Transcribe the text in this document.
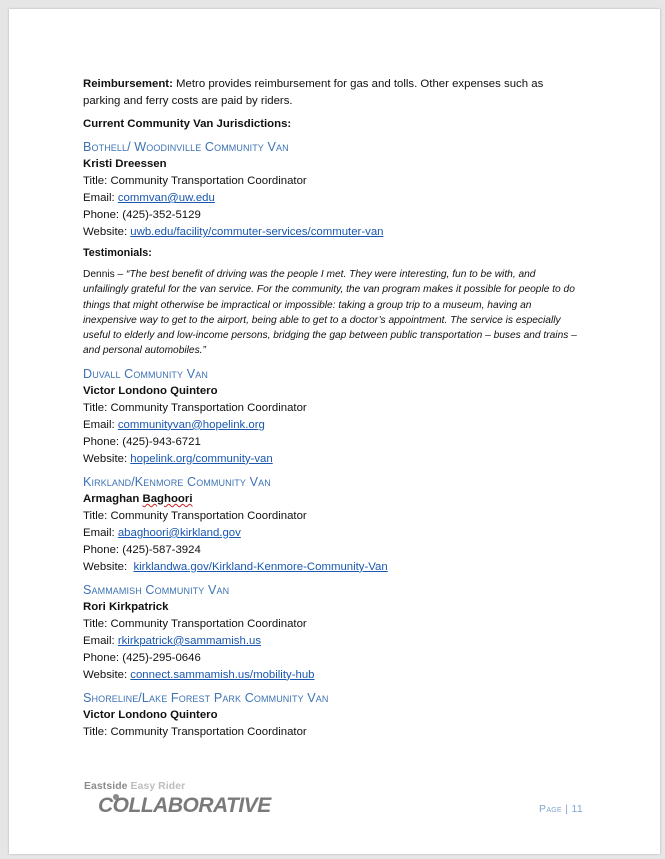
Reimbursement: Metro provides reimbursement for gas and tolls. Other expenses such as parking and ferry costs are paid by riders.

Current Community Van Jurisdictions:

Bothell/ Woodinville Community Van

Kristi Dreessen

Title: Community Transportation Coordinator

Email: commvan@uw.edu

Phone: (425)-352-5129

Website: uwb.edu/facility/commuter-services/commuter-van

Testimonials:

Dennis – “The best benefit of driving was the people I met. They were interesting, fun to be with, and unfailingly grateful for the van service. For the community, the van program makes it possible for people to do things that might otherwise be impractical or impossible: taking a group trip to a museum, having an inexpensive way to get to the airport, being able to get to a doctor’s appointment. The service is especially useful to elderly and low-income persons, bridging the gap between public transportation – buses and trains – and personal automobiles.”

Duvall Community Van

Victor Londono Quintero

Title: Community Transportation Coordinator

Email: communityvan@hopelink.org

Phone: (425)-943-6721

Website: hopelink.org/community-van

Kirkland/Kenmore Community Van

Armaghan Baghoori

Title: Community Transportation Coordinator

Email: abaghoori@kirkland.gov

Phone: (425)-587-3924

Website:  kirklandwa.gov/Kirkland-Kenmore-Community-Van

Sammamish Community Van

Rori Kirkpatrick

Title: Community Transportation Coordinator

Email: rkirkpatrick@sammamish.us

Phone: (425)-295-0646

Website: connect.sammamish.us/mobility-hub

Shoreline/Lake Forest Park Community Van

Victor Londono Quintero

Title: Community Transportation Coordinator

Eastside Easy Rider
COLLABORATIVE	Page | 11
